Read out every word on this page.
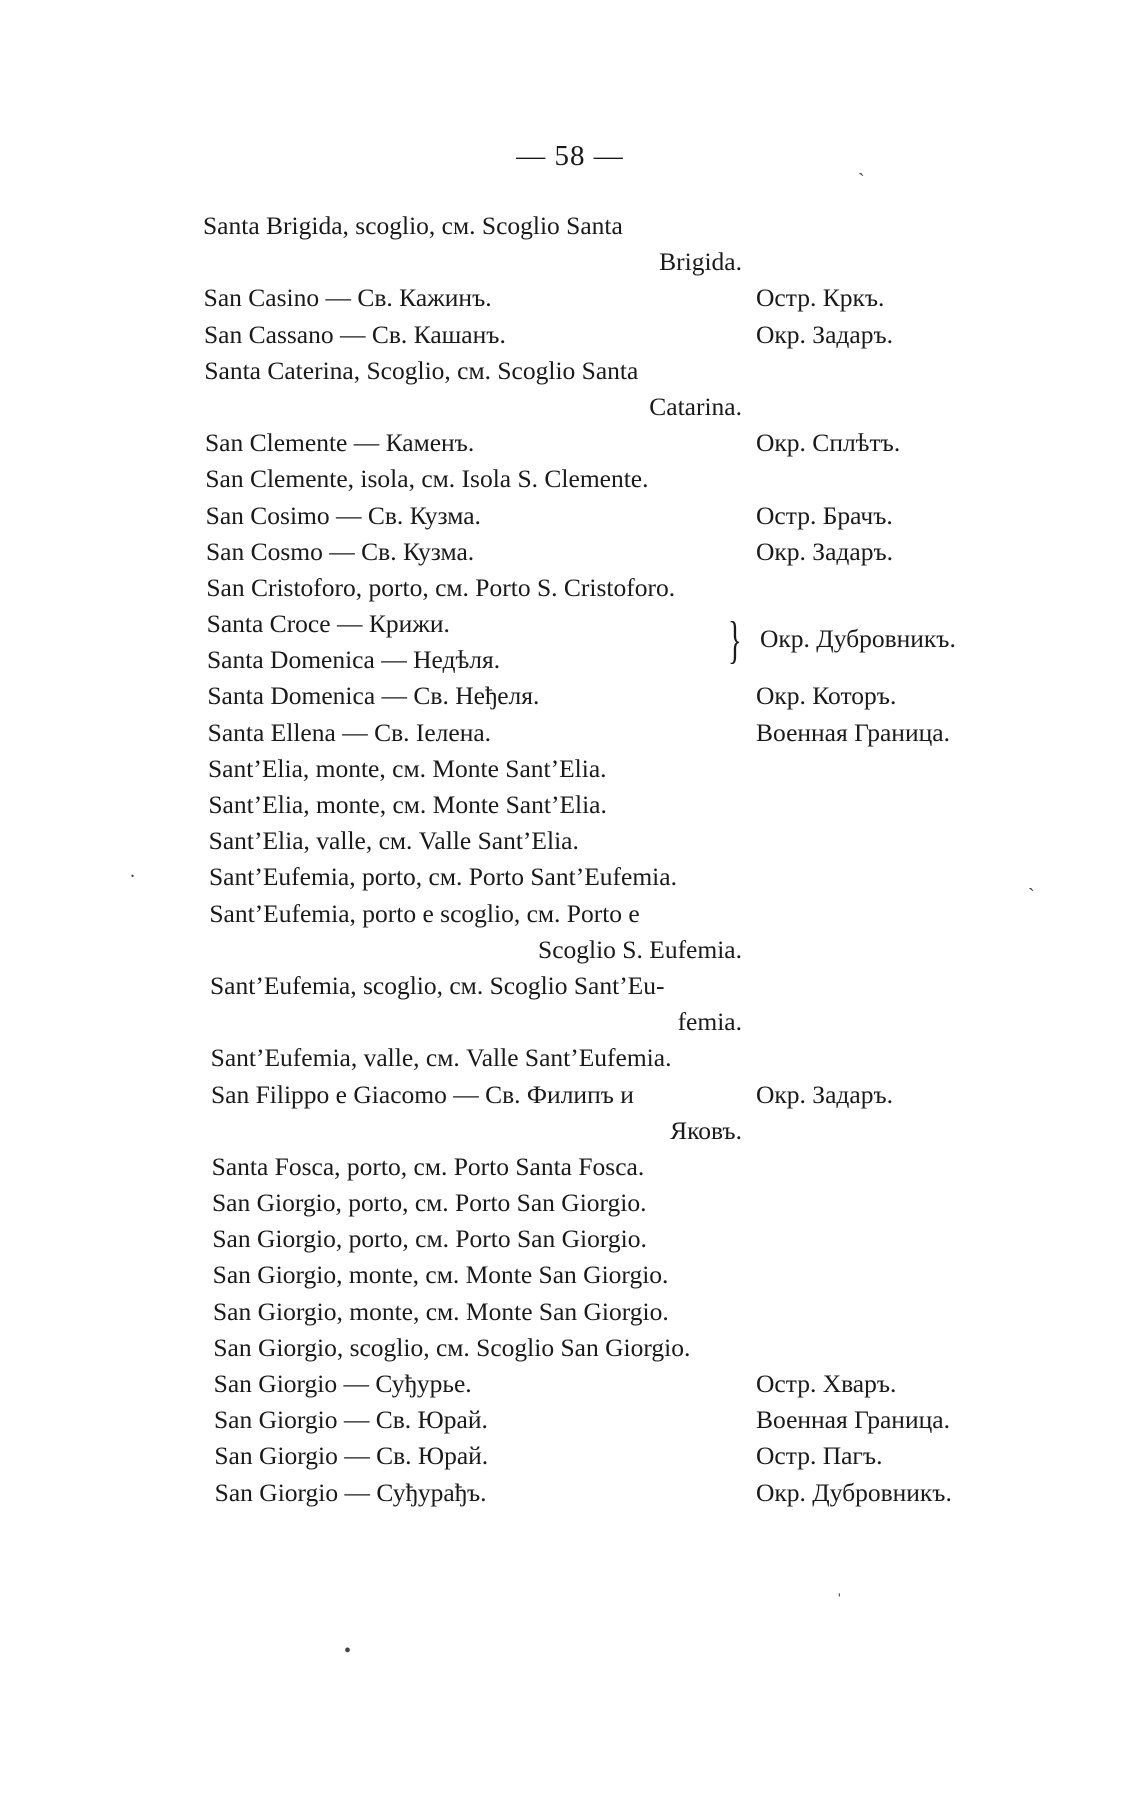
— 58 —
Santa Brigida, scoglio, см. Scoglio Santa
Brigida.
San Casino — Св. Кажинъ.	Остр. Кркъ.
San Cassano — Св. Кашанъ.	Окр. Задаръ.
Santa Caterina, Scoglio, см. Scoglio Santa
Catarina.
San Clemente — Каменъ.	Окр. Сплѣтъ.
San Clemente, isola, см. Isola S. Clemente.
San Cosimo — Св. Кузма.	Остр. Брачъ.
San Cosmo — Св. Кузма.	Окр. Задаръ.
San Cristoforo, porto, см. Porto S. Cristoforo.
Santa Croce — Крижи.
Santa Domenica — Недѣля.	} Окр. Дубровникъ.
Santa Domenica — Св. Неђеля.	Окр. Которъ.
Santa Ellena — Св. Іелена.	Военная Граница.
Sant’Elia, monte, см. Monte Sant’Elia.
Sant’Elia, monte, см. Monte Sant’Elia.
Sant’Elia, valle, см. Valle Sant’Elia.
Sant’Eufemia, porto, см. Porto Sant’Eufemia.
Sant’Eufemia, porto e scoglio, см. Porto e
Scoglio S. Eufemia.
Sant’Eufemia, scoglio, см. Scoglio Sant’Eu-
femia.
Sant’Eufemia, valle, см. Valle Sant’Eufemia.
San Filippo e Giacomo — Св. Филипъ и	Окр. Задаръ.
Яковъ.
Santa Fosca, porto, см. Porto Santa Fosca.
San Giorgio, porto, см. Porto San Giorgio.
San Giorgio, porto, см. Porto San Giorgio.
San Giorgio, monte, см. Monte San Giorgio.
San Giorgio, monte, см. Monte San Giorgio.
San Giorgio, scoglio, см. Scoglio San Giorgio.
San Giorgio — Суђурье.	Остр. Хваръ.
San Giorgio — Св. Юрай.	Военная Граница.
San Giorgio — Св. Юрай.	Остр. Пагъ.
San Giorgio — Суђурађъ.	Окр. Дубровникъ.
ˋ
.
ˋ
ˌ
•
